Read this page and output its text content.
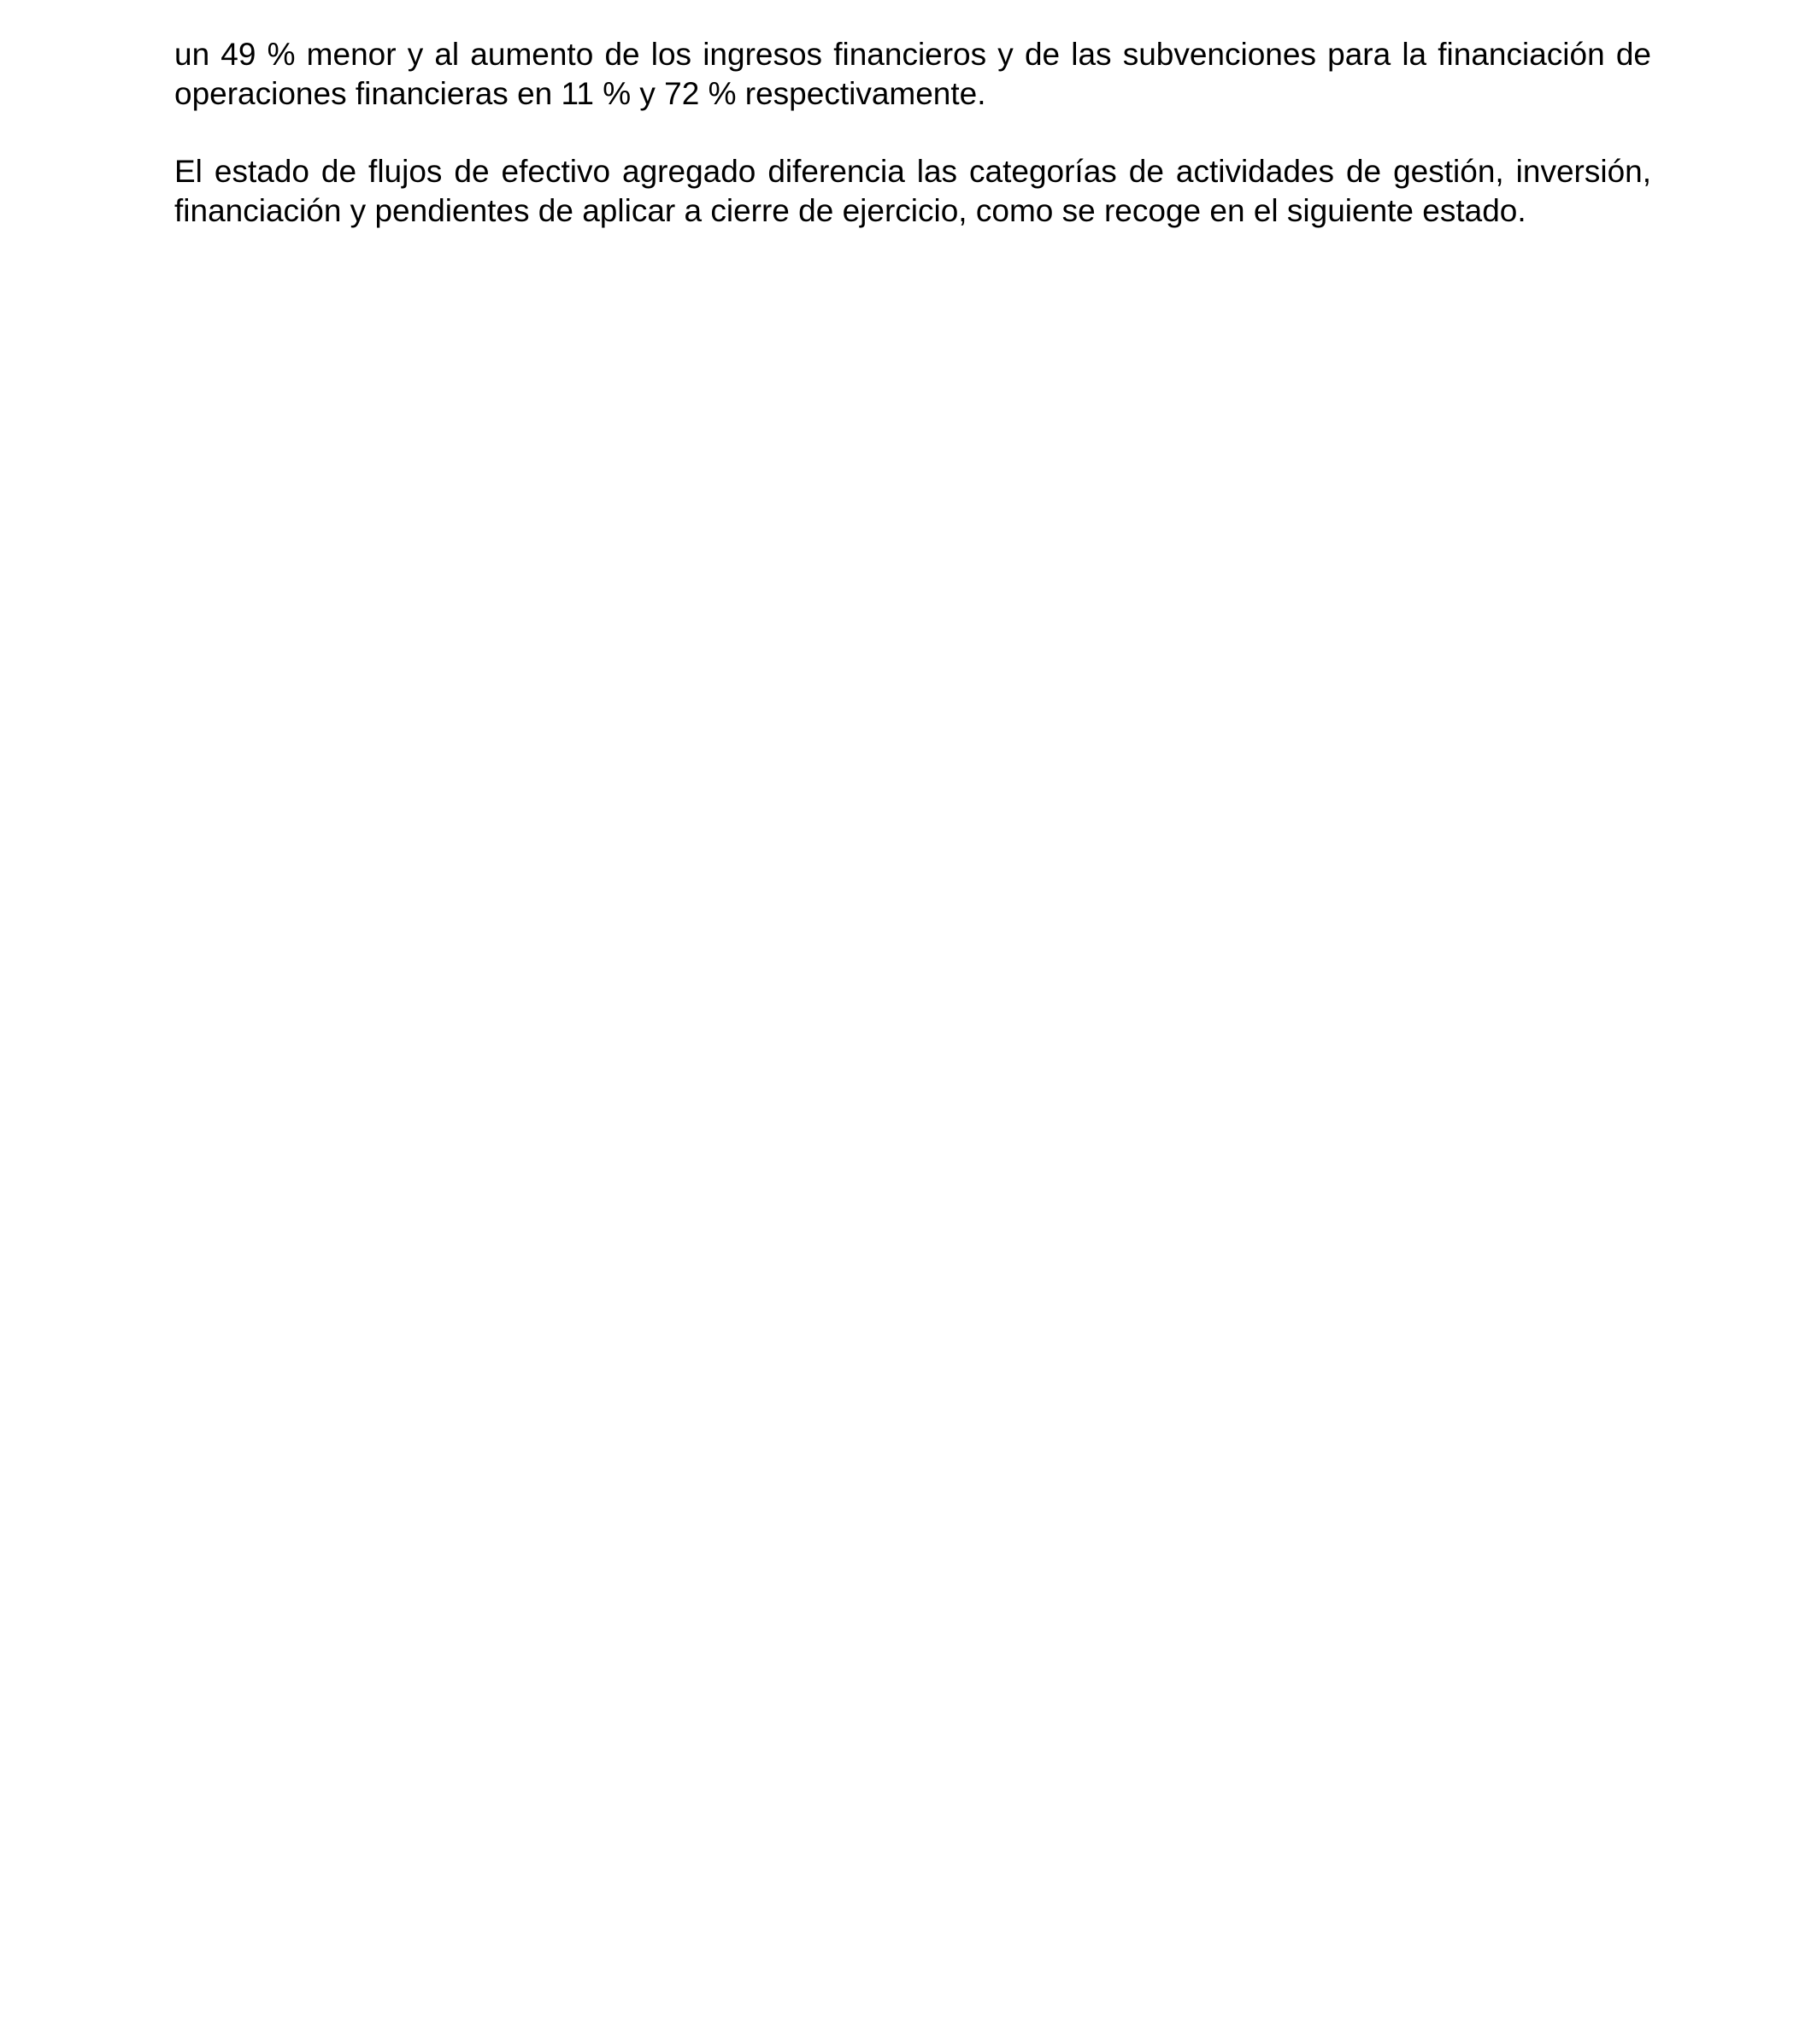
un 49 % menor y al aumento de los ingresos financieros y de las subvenciones para la financiación de operaciones financieras en 11 % y 72 % respectivamente.

El estado de flujos de efectivo agregado diferencia las categorías de actividades de gestión, inversión, financiación y pendientes de aplicar a cierre de ejercicio, como se recoge en el siguiente estado.
